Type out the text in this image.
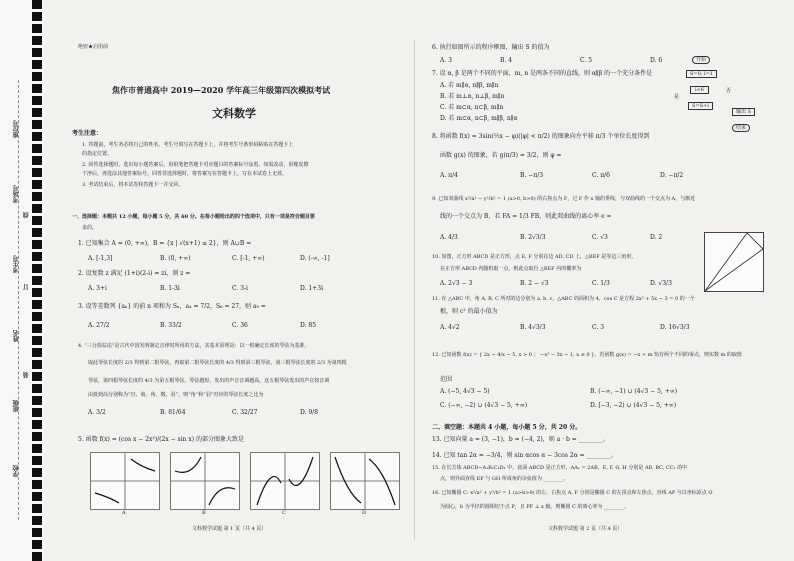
座位号
考场号
考生号
姓名
班级
学校
线
订
装
绝密★启用前
焦作市普通高中 2019—2020 学年高三年级第四次模拟考试
文科数学
考生注意：
1. 答题前，考生务必将自己的姓名、考生号填写在答题卡上，并将考生号条形码粘贴在答题卡上
的指定位置。
2. 回答选择题时，选出每小题答案后，用铅笔把答题卡对应题目的答案标号涂黑。如需改动，用橡皮擦
干净后，再选涂其他答案标号。回答非选择题时，将答案写在答题卡上。写在本试卷上无效。
3. 考试结束后，将本试卷和答题卡一并交回。
一、选择题：本题共 12 小题，每小题 5 分，共 60 分。在每小题给出的四个选项中，只有一项是符合题目要
求的。
1. 已知集合 A = (0, +∞)，B = {x | √(x+1) ≤ 2}，则 A∪B =
A. [-1,3]	B. (0, +∞)	C. [-1, +∞)	D. (-∞, -1]
2. 设复数 z 满足 (1+i)(2-i) = zi，则 z =
A. 3+i	B. 1-3i	C. 3-i	D. 1+3i
3. 设等差数列 {aₙ} 的前 n 项和为 Sₙ，a₄ = 7/2，S₆ = 27，则 a₉ =
A. 27/2	B. 33/2	C. 36	D. 85
4. “三分损益法”是古代中国发明制定音律时所用的方法，其基本原理是：以一根确定长度的琴弦为基准，
取此琴弦长度的 2/3 得到第二根琴弦，再取第二根琴弦长度的 4/3 得到第三根琴弦，第三根琴弦长度的 2/3 为第四根
琴弦，第四根琴弦长度的 4/3 为第五根琴弦。琴弦越短，发出的声音音调越高，这五根琴弦发出的声音按音调
由低到高分别称为“宫、商、角、徵、羽”，则“角”和“羽”对应的琴弦长度之比为
A. 3/2	B. 81/64	C. 32/27	D. 9/8
5. 函数 f(x) = (cos x − 2x²)/(2x − sin x) 的部分图象大致是
A	B	C	D
文科数学试题 第 1 页（共 4 页）
6. 执行如图所示的程序框图，输出 S 的值为
A. 3	B. 4	C. 5	D. 6	开始
S=0, i=1
i<6
S=S+i
是
否
输出 S
结束
7. 设 α, β 是两个不同的平面，m, n 是两条不同的直线，则 α∥β 的一个充分条件是
A. 若 m∥α, n∥β, m∥n
B. 若 m⊥α, n⊥β, m∥n
C. 若 m⊂α, n⊂β, m∥n
D. 若 m⊂α, n⊂β, m∥β, n∥α
8. 将函数 f(x) = 3sin(½x − φ)(|φ| < π/2) 的图象向左平移 π/3 个单位长度得到
函数 g(x) 的图象，若 g(π/3) = 3/2，则 φ =
A. π/4	B. −π/3	C. π/6	D. −π/2
9. 已知双曲线 x²/a² − y²/b² = 1 (a>0, b>0) 的右焦点为 F，过 F 作 x 轴的垂线，与双曲线的一个交点为 A，与渐近
线的一个交点为 B，若 FA = 1/3 FB，则此双曲线的离心率 e =
A. 4/3	B. 2√3/3	C. √3	D. 2
10. 如图，正方形 ABCD 是正方形，点 E, F 分别在边 AD, CD 上，△BEF 是等边三角形，
在正方形 ABCD 内随机取一点，则此点取自 △BEF 内的概率为
A. 2√3 − 3	B. 2 − √3	C. 1/3	D. √3/3
11. 在 △ABC 中，角 A, B, C 所对的边分别为 a, b, c，△ABC 的面积为 4，cos C 是方程 2x² + 5x − 3 = 0 的一个
根，则 c² 的最小值为
A. 4√2	B. 4√3/3	C. 3	D. 16√3/3
12. 已知函数 f(x) = { 2x − 4/x − 5, x > 0 ； −x³ − 3x − 1, x ≤ 0 }，若函数 g(x) = −x + m 恰有两个不同的零点，则实数 m 的取值
范围
A. (−5, 4√3 − 5)	B. (−∞, −1) ∪ (4√3 − 5, +∞)
C. (−∞, −2) ∪ (4√3 − 5, +∞)	D. [−3, −2) ∪ (4√3 − 5, +∞)
二、填空题：本题共 4 小题，每小题 5 分，共 20 分。
13. 已知向量 a = (3, −1)，b = (−4, 2)，则 a · b = ________。
14. 已知 tan 2α = −3/4，则 sin αcos α − 3cos 2α = ________。
15. 在长方体 ABCD−A₁B₁C₁D₁ 中，底面 ABCD 是正方形，AA₁ = 2AB，E, F, G, H 分别是 AB, BC, CC₁ 的中
点，则异面直线 EF 与 GH 所成角的余弦值为 ________。
16. 已知椭圆 C: x²/a² + y²/b² = 1 (a>b>0) 的左、右焦点 A, F 分别是椭圆 C 的左顶点和左焦点，直线 AP 与以坐标原点 O
为圆心，b 为半径的圆相切于点 P，且 PF ⊥ x 轴，则椭圆 C 的离心率为 ________。
文科数学试题 第 2 页（共 4 页）
